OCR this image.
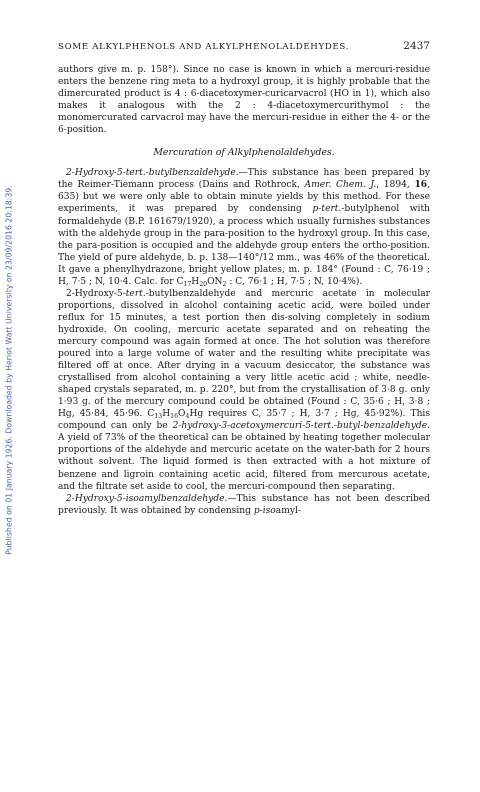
Published on 01 January 1926. Downloaded by Heriot Watt University on 23/09/2016 20:18:39.
SOME ALKYLPHENOLS AND ALKYLPHENOLALDEHYDES.	2437

authors give m. p. 158°). Since no case is known in which a mercuri-residue enters the benzene ring meta to a hydroxyl group, it is highly probable that the dimercurated product is 4 : 6-diacetoxymer-curicarvacrol (HO in 1), which also makes it analogous with the 2 : 4-diacetoxymercurithymol : the monomercurated carvacrol may have the mercuri-residue in either the 4- or the 6-position.

Mercuration of Alkylphenolaldehydes.

2-Hydroxy-5-tert.-butylbenzaldehyde.—This substance has been prepared by the Reimer-Tiemann process (Dains and Rothrock, Amer. Chem. J., 1894, 16, 635) but we were only able to obtain minute yields by this method. For these experiments, it was prepared by condensing p-tert.-butylphenol with formaldehyde (B.P. 161679/1920), a process which usually furnishes substances with the aldehyde group in the para-position to the hydroxyl group. In this case, the para-position is occupied and the aldehyde group enters the ortho-position. The yield of pure aldehyde, b. p. 138—140°/12 mm., was 46% of the theoretical. It gave a phenylhydrazone, bright yellow plates, m. p. 184° (Found : C, 76·19 ; H, 7·5 ; N, 10·4. Calc. for $C_{17}H_{20}ON_2$ : C, 76·1 ; H, 7·5 ; N, 10·4%).

2-Hydroxy-5-tert.-butylbenzaldehyde and mercuric acetate in molecular proportions, dissolved in alcohol containing acetic acid, were boiled under reflux for 15 minutes, a test portion then dis-solving completely in sodium hydroxide. On cooling, mercuric acetate separated and on reheating the mercury compound was again formed at once. The hot solution was therefore poured into a large volume of water and the resulting white precipitate was filtered off at once. After drying in a vacuum desiccator, the substance was crystallised from alcohol containing a very little acetic acid ; white, needle-shaped crystals separated, m. p. 220°, but from the crystallisation of 3·8 g. only 1·93 g. of the mercury compound could be obtained (Found : C, 35·6 ; H, 3·8 ; Hg, 45·84, 45·96. $C_{13}H_{16}O_4Hg$ requires C, 35·7 ; H, 3·7 ; Hg, 45·92%). This compound can only be 2-hydroxy-3-acetoxymercuri-5-tert.-butyl-benzaldehyde. A yield of 73% of the theoretical can be obtained by heating together molecular proportions of the aldehyde and mercuric acetate on the water-bath for 2 hours without solvent. The liquid formed is then extracted with a hot mixture of benzene and ligroin containing acetic acid, filtered from mercurous acetate, and the filtrate set aside to cool, the mercuri-compound then separating.

2-Hydroxy-5-isoamylbenzaldehyde.—This substance has not been described previously. It was obtained by condensing p-isoamyl-
